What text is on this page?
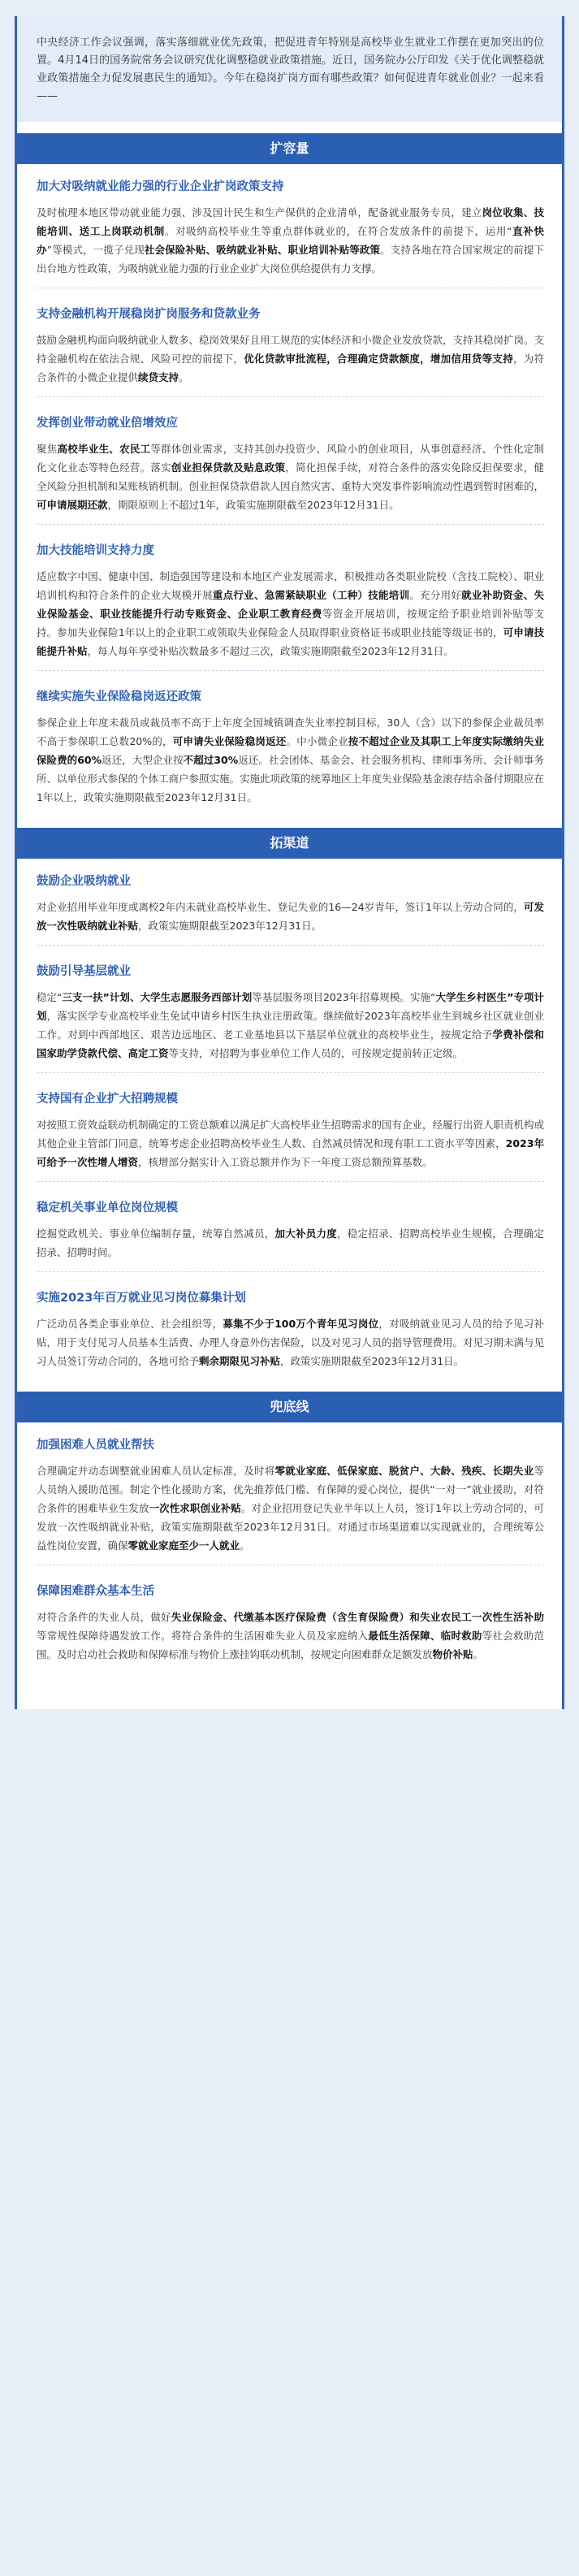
中央经济工作会议强调，落实落细就业优先政策，把促进青年特别是高校毕业生就业工作摆在更加突出的位置。4月14日的国务院常务会议研究优化调整稳就业政策措施。近日，国务院办公厅印发《关于优化调整稳就业政策措施全力促发展惠民生的通知》。今年在稳岗扩岗方面有哪些政策？如何促进青年就业创业？一起来看——

扩容量
加大对吸纳就业能力强的行业企业扩岗政策支持
及时梳理本地区带动就业能力强、涉及国计民生和生产保供的企业清单，配备就业服务专员，建立岗位收集、技能培训、送工上岗联动机制。对吸纳高校毕业生等重点群体就业的，在符合发放条件的前提下，运用“直补快办”等模式，一揽子兑现社会保险补贴、吸纳就业补贴、职业培训补贴等政策。支持各地在符合国家规定的前提下出台地方性政策，为吸纳就业能力强的行业企业扩大岗位供给提供有力支撑。
支持金融机构开展稳岗扩岗服务和贷款业务
鼓励金融机构面向吸纳就业人数多、稳岗效果好且用工规范的实体经济和小微企业发放贷款，支持其稳岗扩岗。支持金融机构在依法合规、风险可控的前提下，优化贷款审批流程，合理确定贷款额度，增加信用贷等支持，为符合条件的小微企业提供续贷支持。
发挥创业带动就业倍增效应
聚焦高校毕业生、农民工等群体创业需求，支持其创办投资少、风险小的创业项目，从事创意经济、个性化定制化文化业态等特色经营。落实创业担保贷款及贴息政策，简化担保手续，对符合条件的落实免除反担保要求，健全风险分担机制和呆账核销机制。创业担保贷款借款人因自然灾害、重特大突发事件影响流动性遇到暂时困难的，可申请展期还款，期限原则上不超过1年，政策实施期限截至2023年12月31日。
加大技能培训支持力度
适应数字中国、健康中国、制造强国等建设和本地区产业发展需求，积极推动各类职业院校（含技工院校）、职业培训机构和符合条件的企业大规模开展重点行业、急需紧缺职业（工种）技能培训。充分用好就业补助资金、失业保险基金、职业技能提升行动专账资金、企业职工教育经费等资金开展培训，按规定给予职业培训补贴等支持。参加失业保险1年以上的企业职工或领取失业保险金人员取得职业资格证书或职业技能等级证书的，可申请技能提升补贴，每人每年享受补贴次数最多不超过三次，政策实施期限截至2023年12月31日。
继续实施失业保险稳岗返还政策
参保企业上年度未裁员或裁员率不高于上年度全国城镇调查失业率控制目标，30人（含）以下的参保企业裁员率不高于参保职工总数20%的，可申请失业保险稳岗返还。中小微企业按不超过企业及其职工上年度实际缴纳失业保险费的60%返还，大型企业按不超过30%返还。社会团体、基金会、社会服务机构、律师事务所、会计师事务所、以单位形式参保的个体工商户参照实施。实施此项政策的统筹地区上年度失业保险基金滚存结余备付期限应在1年以上，政策实施期限截至2023年12月31日。
拓渠道
鼓励企业吸纳就业
对企业招用毕业年度或离校2年内未就业高校毕业生、登记失业的16—24岁青年，签订1年以上劳动合同的，可发放一次性吸纳就业补贴，政策实施期限截至2023年12月31日。
鼓励引导基层就业
稳定“三支一扶”计划、大学生志愿服务西部计划等基层服务项目2023年招募规模。实施“大学生乡村医生”专项计划，落实医学专业高校毕业生免试申请乡村医生执业注册政策。继续做好2023年高校毕业生到城乡社区就业创业工作。对到中西部地区、艰苦边远地区、老工业基地县以下基层单位就业的高校毕业生，按规定给予学费补偿和国家助学贷款代偿、高定工资等支持，对招聘为事业单位工作人员的，可按规定提前转正定级。
支持国有企业扩大招聘规模
对按照工资效益联动机制确定的工资总额难以满足扩大高校毕业生招聘需求的国有企业，经履行出资人职责机构或其他企业主管部门同意，统筹考虑企业招聘高校毕业生人数、自然减员情况和现有职工工资水平等因素，2023年可给予一次性增人增资，核增部分据实计入工资总额并作为下一年度工资总额预算基数。
稳定机关事业单位岗位规模
挖掘党政机关、事业单位编制存量，统筹自然减员，加大补员力度，稳定招录、招聘高校毕业生规模，合理确定招录、招聘时间。
实施2023年百万就业见习岗位募集计划
广泛动员各类企事业单位、社会组织等，募集不少于100万个青年见习岗位，对吸纳就业见习人员的给予见习补贴，用于支付见习人员基本生活费、办理人身意外伤害保险，以及对见习人员的指导管理费用。对见习期未满与见习人员签订劳动合同的，各地可给予剩余期限见习补贴，政策实施期限截至2023年12月31日。
兜底线
加强困难人员就业帮扶
合理确定并动态调整就业困难人员认定标准，及时将零就业家庭、低保家庭、脱贫户、大龄、残疾、长期失业等人员纳入援助范围。制定个性化援助方案，优先推荐低门槛、有保障的爱心岗位，提供“一对一”就业援助，对符合条件的困难毕业生发放一次性求职创业补贴。对企业招用登记失业半年以上人员，签订1年以上劳动合同的，可发放一次性吸纳就业补贴，政策实施期限截至2023年12月31日。对通过市场渠道难以实现就业的，合理统筹公益性岗位安置，确保零就业家庭至少一人就业。
保障困难群众基本生活
对符合条件的失业人员，做好失业保险金、代缴基本医疗保险费（含生育保险费）和失业农民工一次性生活补助等常规性保障待遇发放工作。将符合条件的生活困难失业人员及家庭纳入最低生活保障、临时救助等社会救助范围。及时启动社会救助和保障标准与物价上涨挂钩联动机制，按规定向困难群众足额发放物价补贴。
